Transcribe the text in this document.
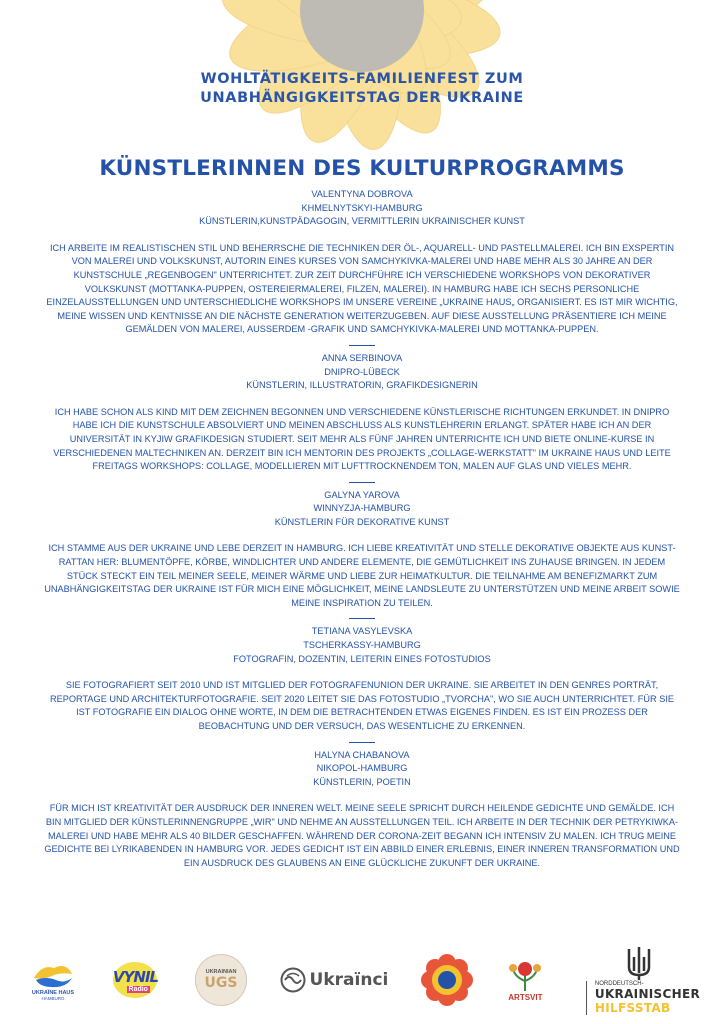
WOHLTÄTIGKEITS-FAMILIENFEST ZUM
UNABHÄNGIGKEITSTAG DER UKRAINE
KÜNSTLERINNEN DES KULTURPROGRAMMS
VALENTYNA DOBROVA
KHMELNYTSKYI-HAMBURG
KÜNSTLERIN,KUNSTPÄDAGOGIN, VERMITTLERIN UKRAINISCHER KUNST
ICH ARBEITE IM REALISTISCHEN STIL UND BEHERRSCHE DIE TECHNIKEN DER ÖL-, AQUARELL- UND PASTELLMALEREI. ICH BIN EXSPERTIN VON MALEREI UND VOLKSKUNST, AUTORIN EINES KURSES VON SAMCHYKIVKA-MALEREI UND HABE MEHR ALS 30 JAHRE AN DER KUNSTSCHULE „REGENBOGEN" UNTERRICHTET. ZUR ZEIT DURCHFÜHRE ICH VERSCHIEDENE WORKSHOPS VON DEKORATIVER VOLKSKUNST (MOTTANKA-PUPPEN, OSTEREIERMALEREI, FILZEN, MALEREI). IN HAMBURG HABE ICH SECHS PERSONLICHE EINZELAUSSTELLUNGEN UND UNTERSCHIEDLICHE WORKSHOPS IM UNSERE VEREINE „UKRAINE HAUS„ ORGANISIERT. ES IST MIR WICHTIG, MEINE WISSEN UND KENTNISSE AN DIE NÄCHSTE GENERATION WEITERZUGEBEN. AUF DIESE AUSSTELLUNG PRÄSENTIERE ICH MEINE GEMÄLDEN VON MALEREI, AUSSERDEM -GRAFIK UND SAMCHYKIVKA-MALEREI UND MOTTANKA-PUPPEN.
ANNA SERBINOVA
DNIPRO-LÜBECK
KÜNSTLERIN, ILLUSTRATORIN, GRAFIKDESIGNERIN
ICH HABE SCHON ALS KIND MIT DEM ZEICHNEN BEGONNEN UND VERSCHIEDENE KÜNSTLERISCHE RICHTUNGEN ERKUNDET. IN DNIPRO HABE ICH DIE KUNSTSCHULE ABSOLVIERT UND MEINEN ABSCHLUSS ALS KUNSTLEHRERIN ERLANGT. SPÄTER HABE ICH AN DER UNIVERSITÄT IN KYJIW GRAFIKDESIGN STUDIERT. SEIT MEHR ALS FÜNF JAHREN UNTERRICHTE ICH UND BIETE ONLINE-KURSE IN VERSCHIEDENEN MALTECHNIKEN AN. DERZEIT BIN ICH MENTORIN DES PROJEKTS „COLLAGE-WERKSTATT" IM UKRAINE HAUS UND LEITE FREITAGS WORKSHOPS: COLLAGE, MODELLIEREN MIT LUFTTROCKNENDEM TON, MALEN AUF GLAS UND VIELES MEHR.
GALYNA YAROVA
WINNYZJA-HAMBURG
KÜNSTLERIN FÜR DEKORATIVE KUNST
ICH STAMME AUS DER UKRAINE UND LEBE DERZEIT IN HAMBURG. ICH LIEBE KREATIVITÄT UND STELLE DEKORATIVE OBJEKTE AUS KUNST-RATTAN HER: BLUMENTÖPFE, KÖRBE, WINDLICHTER UND ANDERE ELEMENTE, DIE GEMÜTLICHKEIT INS ZUHAUSE BRINGEN. IN JEDEM STÜCK STECKT EIN TEIL MEINER SEELE, MEINER WÄRME UND LIEBE ZUR HEIMATKULTUR. DIE TEILNAHME AM BENEFIZMARKT ZUM UNABHÄNGIGKEITSTAG DER UKRAINE IST FÜR MICH EINE MÖGLICHKEIT, MEINE LANDSLEUTE ZU UNTERSTÜTZEN UND MEINE ARBEIT SOWIE MEINE INSPIRATION ZU TEILEN.
TETIANA VASYLEVSKA
TSCHERKASSY-HAMBURG
FOTOGRAFIN, DOZENTIN, LEITERIN EINES FOTOSTUDIOS
SIE FOTOGRAFIERT SEIT 2010 UND IST MITGLIED DER FOTOGRAFENUNION DER UKRAINE. SIE ARBEITET IN DEN GENRES PORTRÄT, REPORTAGE UND ARCHITEKTURFOTOGRAFIE. SEIT 2020 LEITET SIE DAS FOTOSTUDIO „TVORCHA", WO SIE AUCH UNTERRICHTET. FÜR SIE IST FOTOGRAFIE EIN DIALOG OHNE WORTE, IN DEM DIE BETRACHTENDEN ETWAS EIGENES FINDEN. ES IST EIN PROZESS DER BEOBACHTUNG UND DER VERSUCH, DAS WESENTLICHE ZU ERKENNEN.
HALYNA CHABANOVA
NIKOPOL-HAMBURG
KÜNSTLERIN, POETIN
FÜR MICH IST KREATIVITÄT DER AUSDRUCK DER INNEREN WELT. MEINE SEELE SPRICHT DURCH HEILENDE GEDICHTE UND GEMÄLDE. ICH BIN MITGLIED DER KÜNSTLERINNENGRUPPE „WIR" UND NEHME AN AUSSTELLUNGEN TEIL. ICH ARBEITE IN DER TECHNIK DER PETRYKIWKA-MALEREI UND HABE MEHR ALS 40 BILDER GESCHAFFEN. WÄHREND DER CORONA-ZEIT BEGANN ICH INTENSIV ZU MALEN. ICH TRUG MEINE GEDICHTE BEI LYRIKABENDEN IN HAMBURG VOR. JEDES GEDICHT IST EIN ABBILD EINER ERLEBNIS, EINER INNEREN TRANSFORMATION UND EIN AUSDRUCK DES GLAUBENS AN EINE GLÜCKLICHE ZUKUNFT DER UKRAINE.
UKRAÏNE HAUS
HAMBURG
VYNIL
Radio
UKRAINIAN
UGS	Ukraïnci
ARTSVIT
NORDDEUTSCH-
UKRAINISCHER
HILFSSTAB
